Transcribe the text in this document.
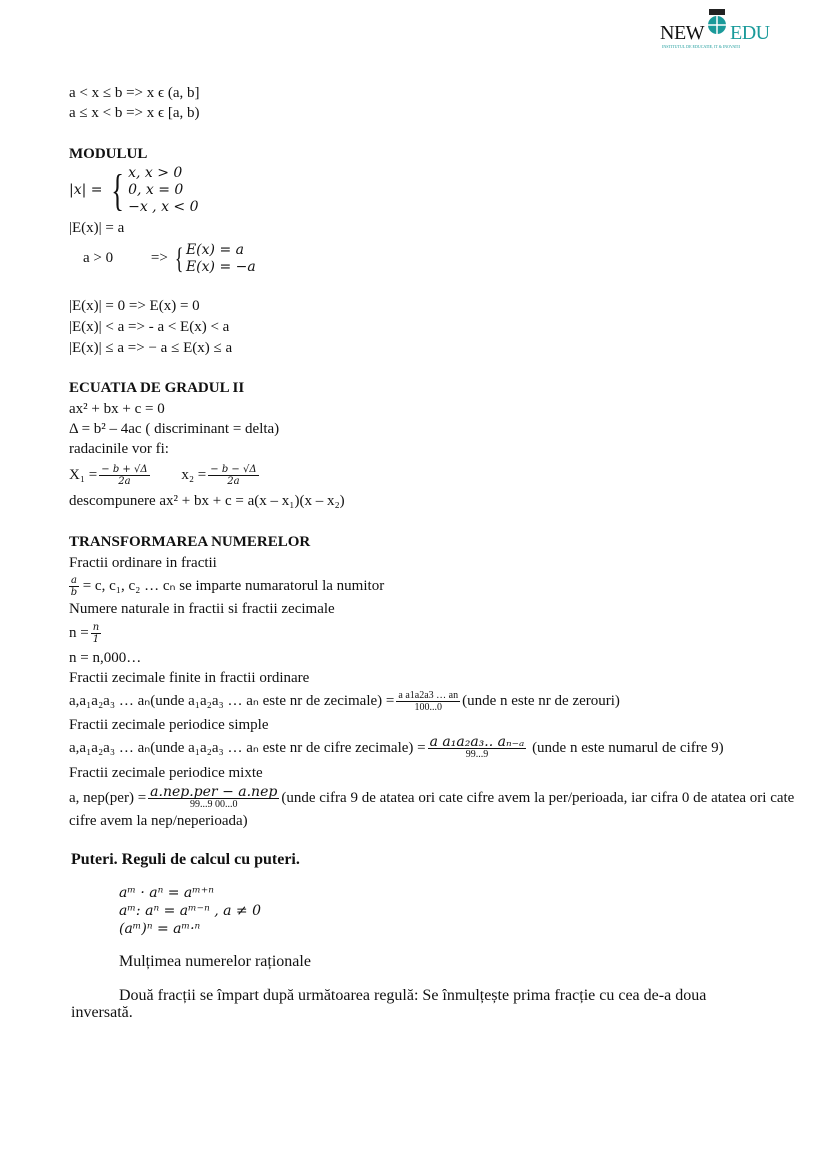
NEW EDU
INSTITUTUL DE EDUCATIE, IT & INOVATII
a < x ≤ b => x ϵ (a, b]
a ≤ x < b => x ϵ [a, b)
MODULUL
|x| = { x, x > 0
0, x = 0
−x , x < 0
|E(x)| = a
a > 0	=> { E(x) = a
E(x) = −a
|E(x)| = 0 => E(x) = 0
|E(x)| < a => - a < E(x) < a
|E(x)| ≤ a => − a ≤ E(x) ≤ a
ECUATIA DE GRADUL II
ax² + bx + c = 0
Δ = b² – 4ac ( discriminant = delta)
radacinile vor fi:
$X_1 = \frac{- b + √\Delta}{2a} x_2 = \frac{- b - √\Delta}{2a}$
descompunere ax² + bx + c = a(x – x₁)(x – x₂)
TRANSFORMAREA NUMERELOR
Fractii ordinare in fractii
$\frac{a}{b} = c$, c₁, c₂ … cₙ se imparte numaratorul la numitor
Numere naturale in fractii si fractii zecimale
$n = \frac{n}{1}$
n = n,000…
Fractii zecimale finite in fractii ordinare
a,a₁a₂a₃ … aₙ(unde a₁a₂a₃ … aₙ este nr de zecimale) = $\frac{\text{a a1a2a3 … an}}{100...0}$ (unde n este nr de zerouri)
Fractii zecimale periodice simple
a,a₁a₂a₃ … aₙ(unde a₁a₂a₃ … aₙ este nr de cifre zecimale) = a a₁a₂a₃.. aₙ₋ₐ
99...9	(unde n este numarul de cifre 9)
Fractii zecimale periodice mixte
a, nep(per) = a.nep.per − a.nep
99...9 00...0	(unde cifra 9 de atatea ori cate cifre avem la per/perioada, iar cifra 0 de atatea ori cate
cifre avem la nep/neperioada)
Puteri. Reguli de calcul cu puteri.
aᵐ · aⁿ = aᵐ⁺ⁿ
aᵐ: aⁿ = aᵐ⁻ⁿ , a ≠ 0
(aᵐ)ⁿ = aᵐ·ⁿ
Mulțimea numerelor raționale
Două fracții se împart după următoarea regulă: Se înmulțește prima fracție cu cea de-a doua
inversată.
